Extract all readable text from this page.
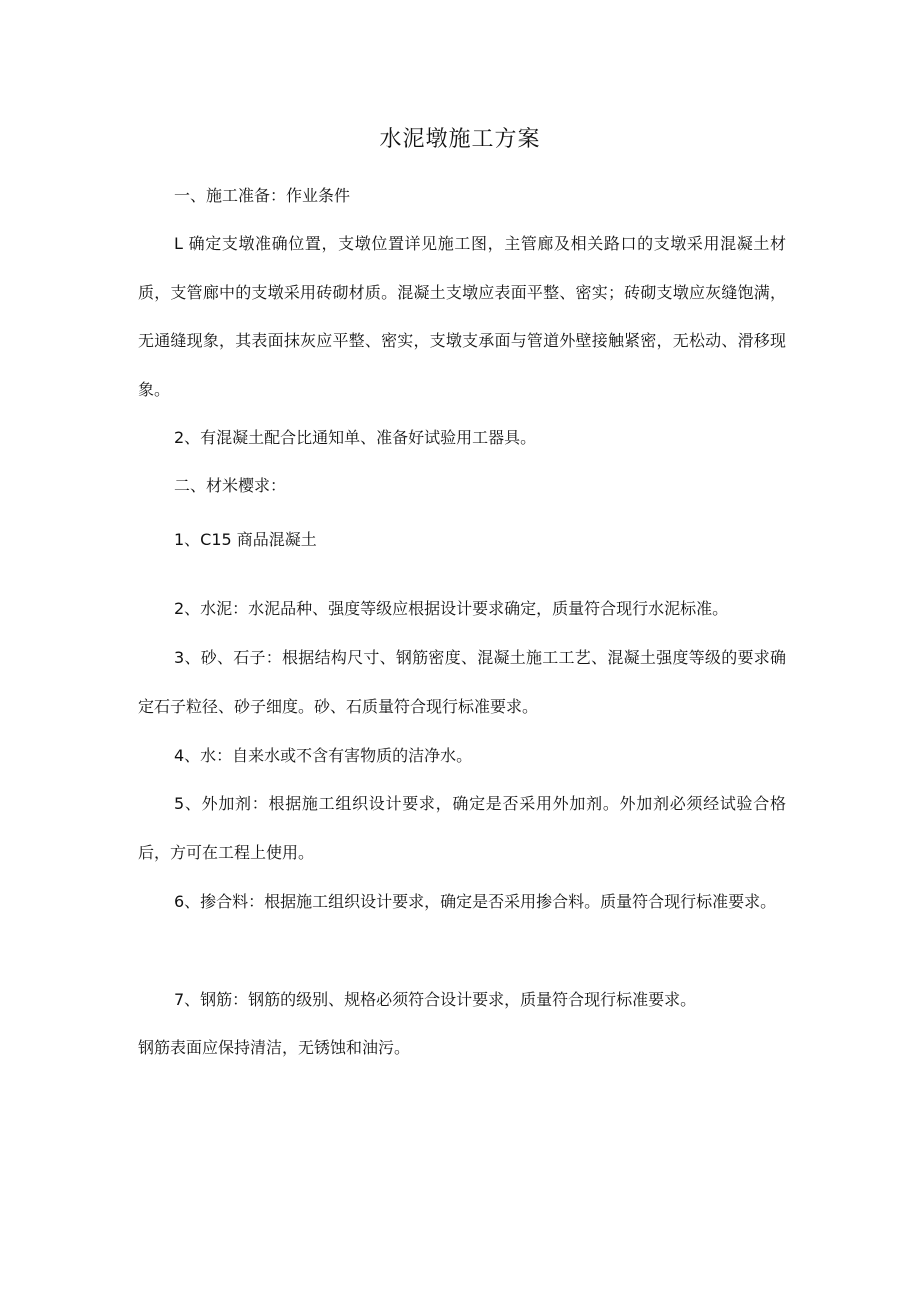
水泥墩施工方案

一、施工准备：作业条件

L 确定支墩准确位置，支墩位置详见施工图，主管廊及相关路口的支墩采用混凝土材质，支管廊中的支墩采用砖砌材质。混凝土支墩应表面平整、密实；砖砌支墩应灰缝饱满，无通缝现象，其表面抹灰应平整、密实，支墩支承面与管道外壁接触紧密，无松动、滑移现象。

2、有混凝土配合比通知单、准备好试验用工器具。

二、材米樱求：

1、C15 商品混凝土

2、水泥：水泥品种、强度等级应根据设计要求确定，质量符合现行水泥标准。

3、砂、石子：根据结构尺寸、钢筋密度、混凝土施工工艺、混凝土强度等级的要求确定石子粒径、砂子细度。砂、石质量符合现行标准要求。

4、水：自来水或不含有害物质的洁净水。

5、外加剂：根据施工组织设计要求，确定是否采用外加剂。外加剂必须经试验合格后，方可在工程上使用。

6、掺合料：根据施工组织设计要求，确定是否采用掺合料。质量符合现行标准要求。

7、钢筋：钢筋的级别、规格必须符合设计要求，质量符合现行标准要求。

钢筋表面应保持清洁，无锈蚀和油污。
